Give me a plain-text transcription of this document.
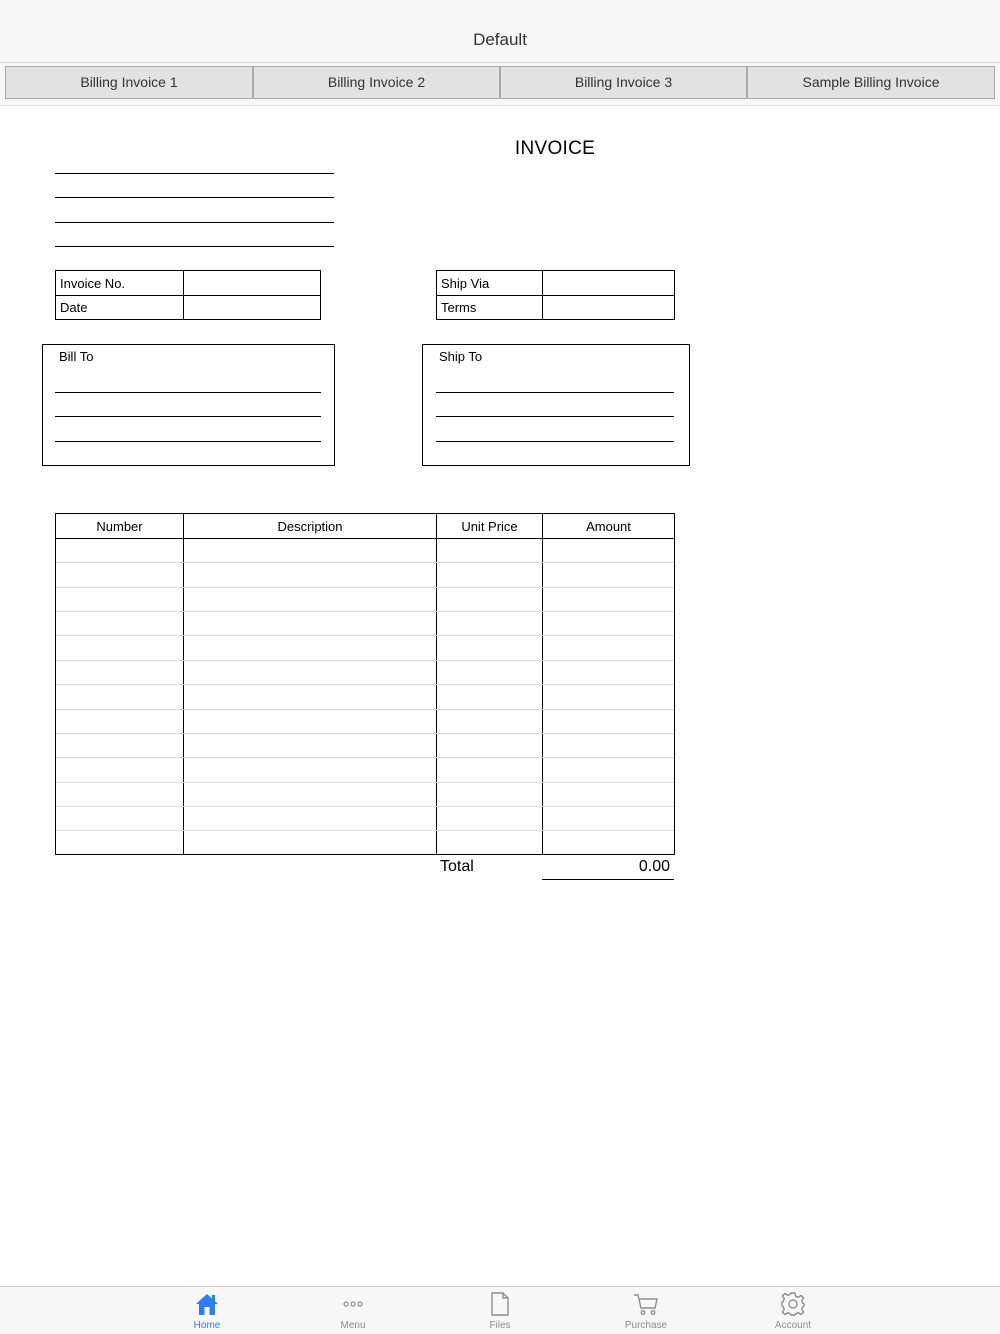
Default
Billing Invoice 1	Billing Invoice 2	Billing Invoice 3	Sample Billing Invoice
INVOICE
Invoice No.
Date
Ship Via
Terms
Bill To	Ship To
Number	Description	Unit Price	Amount
Total	0.00
Home	Menu	Files	Purchase	Account
